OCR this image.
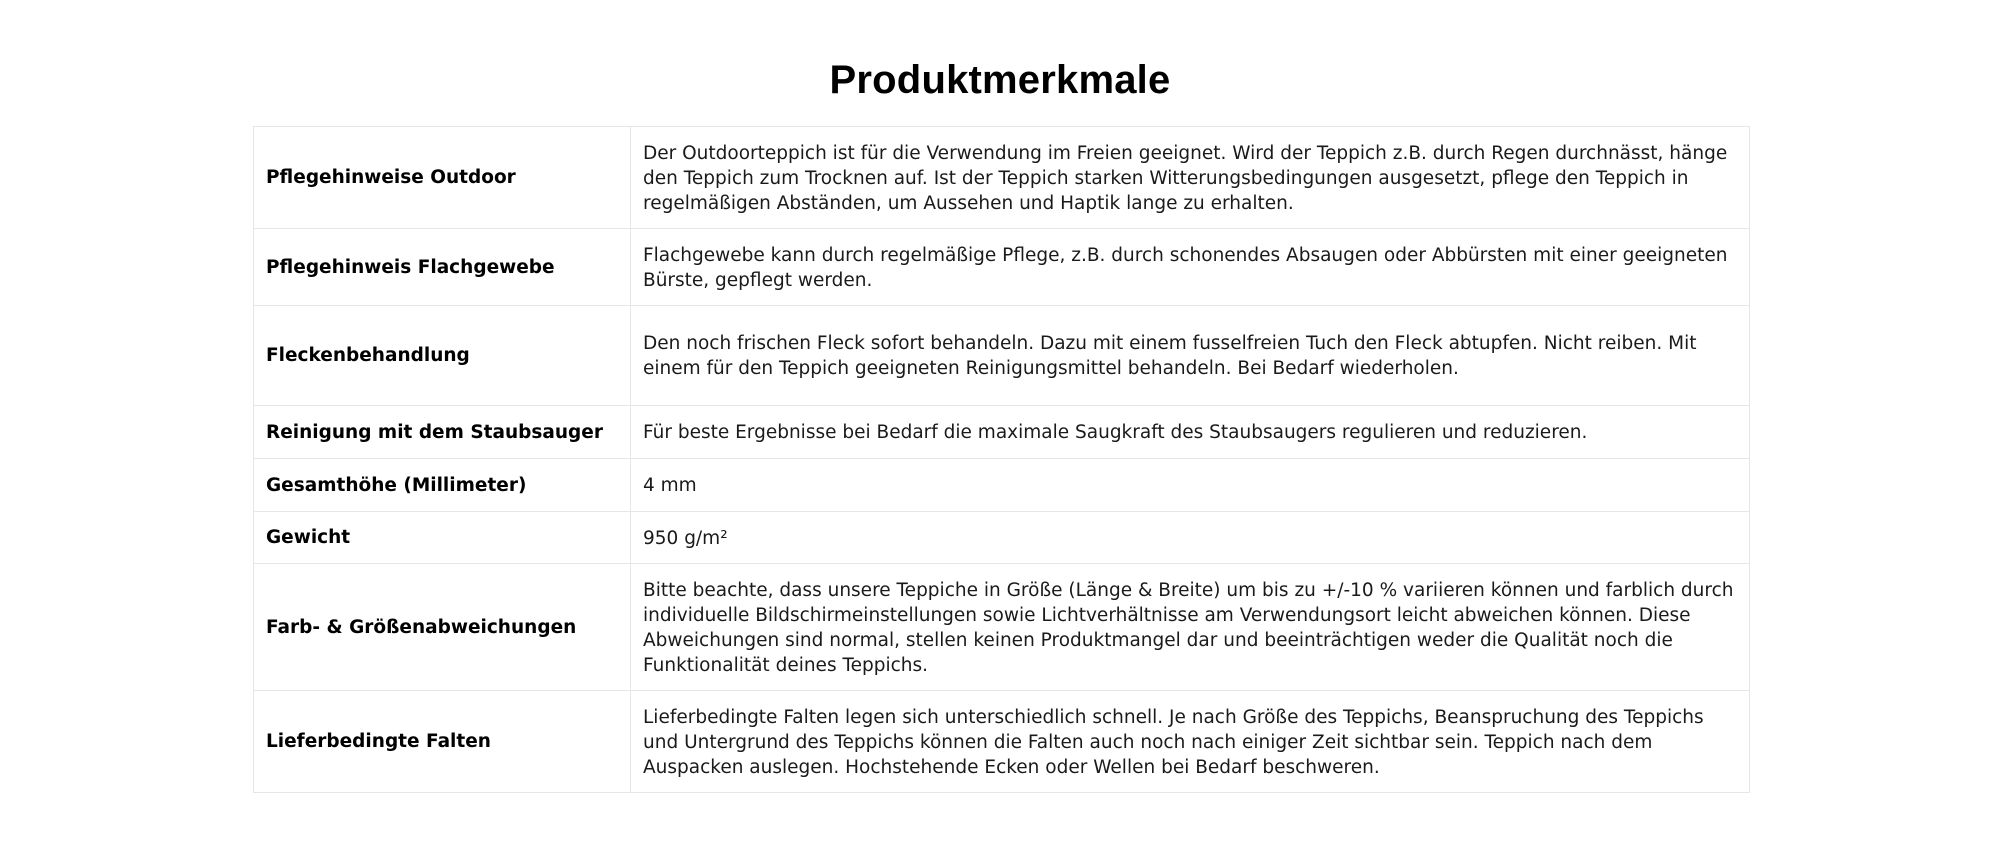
Produktmerkmale
Pflegehinweise Outdoor	Der Outdoorteppich ist für die Verwendung im Freien geeignet. Wird der Teppich z.B. durch Regen durchnässt, hänge den Teppich zum Trocknen auf. Ist der Teppich starken Witterungsbedingungen ausgesetzt, pflege den Teppich in regelmäßigen Abständen, um Aussehen und Haptik lange zu erhalten.
Pflegehinweis Flachgewebe	Flachgewebe kann durch regelmäßige Pflege, z.B. durch schonendes Absaugen oder Abbürsten mit einer geeigneten Bürste, gepflegt werden.
Fleckenbehandlung	Den noch frischen Fleck sofort behandeln. Dazu mit einem fusselfreien Tuch den Fleck abtupfen. Nicht reiben. Mit einem für den Teppich geeigneten Reinigungsmittel behandeln. Bei Bedarf wiederholen.
Reinigung mit dem Staubsauger	Für beste Ergebnisse bei Bedarf die maximale Saugkraft des Staubsaugers regulieren und reduzieren.
Gesamthöhe (Millimeter)	4 mm
Gewicht	950 g/m²
Farb- & Größenabweichungen	Bitte beachte, dass unsere Teppiche in Größe (Länge & Breite) um bis zu +/-10 % variieren können und farblich durch individuelle Bildschirmeinstellungen sowie Lichtverhältnisse am Verwendungsort leicht abweichen können. Diese Abweichungen sind normal, stellen keinen Produktmangel dar und beeinträchtigen weder die Qualität noch die Funktionalität deines Teppichs.
Lieferbedingte Falten	Lieferbedingte Falten legen sich unterschiedlich schnell. Je nach Größe des Teppichs, Beanspruchung des Teppichs und Untergrund des Teppichs können die Falten auch noch nach einiger Zeit sichtbar sein. Teppich nach dem Auspacken auslegen. Hochstehende Ecken oder Wellen bei Bedarf beschweren.
